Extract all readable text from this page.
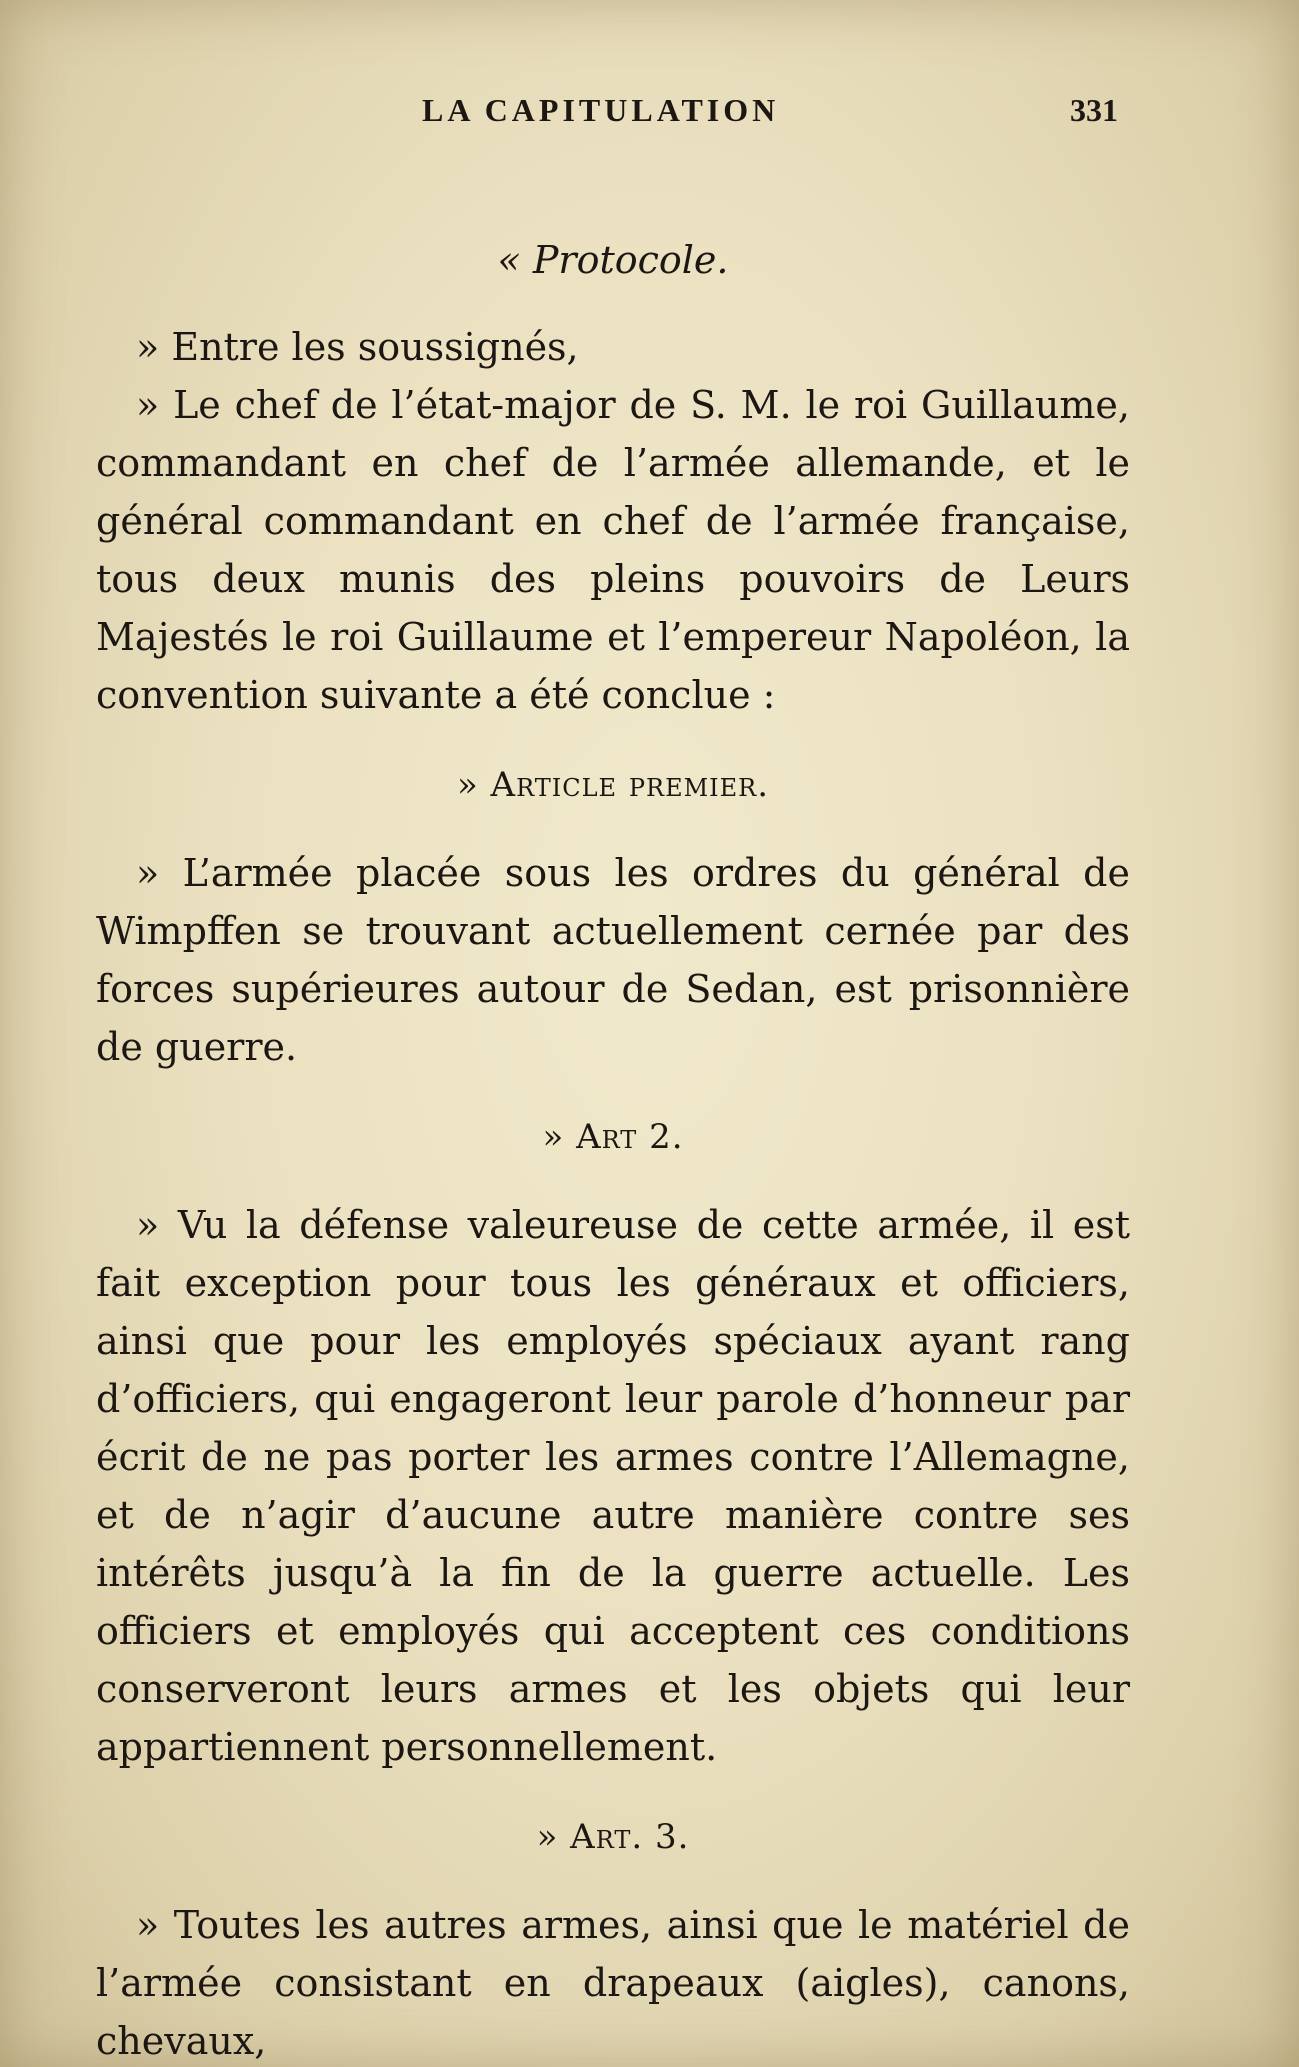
LA CAPITULATION	331
« Protocole.

» Entre les soussignés,

» Le chef de l’état-major de S. M. le roi Guillaume, commandant en chef de l’armée allemande, et le général commandant en chef de l’armée française, tous deux munis des pleins pouvoirs de Leurs Majestés le roi Guillaume et l’empereur Napoléon, la convention suivante a été conclue :

» Article premier.

» L’armée placée sous les ordres du général de Wimpffen se trouvant actuellement cernée par des forces supérieures autour de Sedan, est prisonnière de guerre.

» Art 2.

» Vu la défense valeureuse de cette armée, il est fait exception pour tous les généraux et officiers, ainsi que pour les employés spéciaux ayant rang d’officiers, qui engageront leur parole d’honneur par écrit de ne pas porter les armes contre l’Allemagne, et de n’agir d’aucune autre manière contre ses intérêts jusqu’à la fin de la guerre actuelle. Les officiers et employés qui acceptent ces conditions conserveront leurs armes et les objets qui leur appartiennent personnellement.

» Art. 3.

» Toutes les autres armes, ainsi que le matériel de l’armée consistant en drapeaux (aigles), canons, chevaux,
